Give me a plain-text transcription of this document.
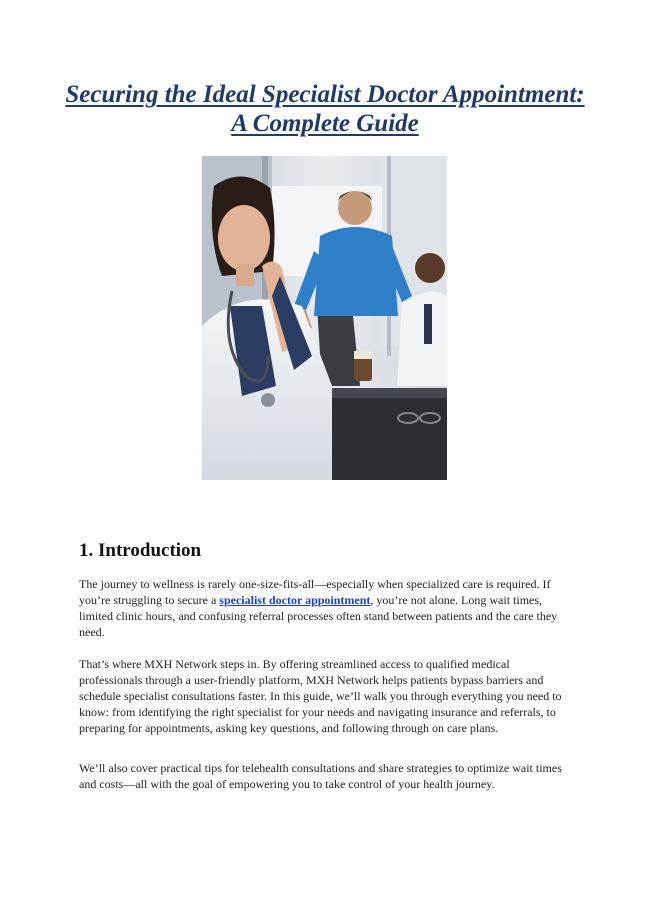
Securing the Ideal Specialist Doctor Appointment: A Complete Guide
1. Introduction

The journey to wellness is rarely one-size-fits-all—especially when specialized care is required. If you’re struggling to secure a specialist doctor appointment, you’re not alone. Long wait times, limited clinic hours, and confusing referral processes often stand between patients and the care they need.

That’s where MXH Network steps in. By offering streamlined access to qualified medical professionals through a user-friendly platform, MXH Network helps patients bypass barriers and schedule specialist consultations faster. In this guide, we’ll walk you through everything you need to know: from identifying the right specialist for your needs and navigating insurance and referrals, to preparing for appointments, asking key questions, and following through on care plans.

We’ll also cover practical tips for telehealth consultations and share strategies to optimize wait times and costs—all with the goal of empowering you to take control of your health journey.
